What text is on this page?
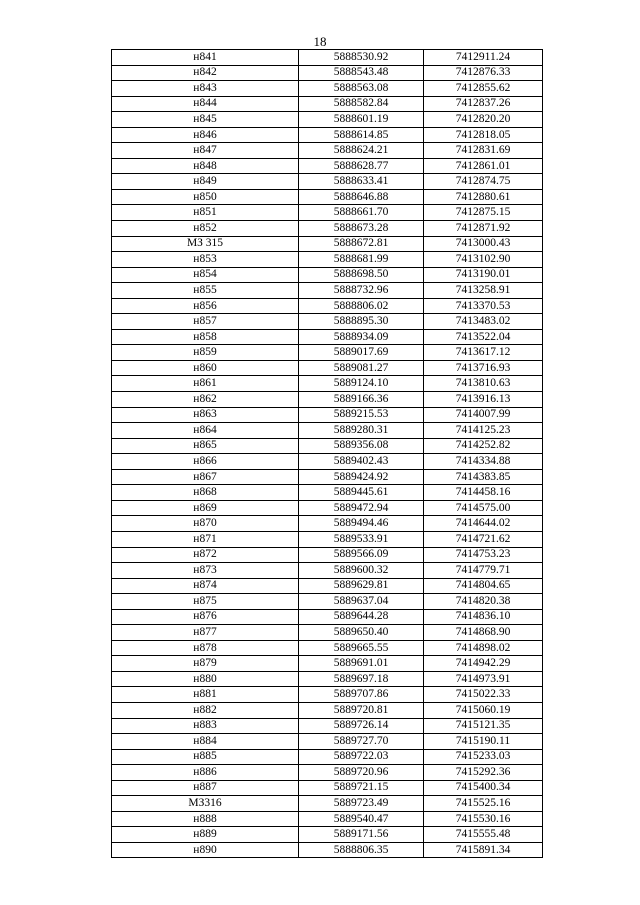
18
н841	5888530.92	7412911.24
н842	5888543.48	7412876.33
н843	5888563.08	7412855.62
н844	5888582.84	7412837.26
н845	5888601.19	7412820.20
н846	5888614.85	7412818.05
н847	5888624.21	7412831.69
н848	5888628.77	7412861.01
н849	5888633.41	7412874.75
н850	5888646.88	7412880.61
н851	5888661.70	7412875.15
н852	5888673.28	7412871.92
МЗ 315	5888672.81	7413000.43
н853	5888681.99	7413102.90
н854	5888698.50	7413190.01
н855	5888732.96	7413258.91
н856	5888806.02	7413370.53
н857	5888895.30	7413483.02
н858	5888934.09	7413522.04
н859	5889017.69	7413617.12
н860	5889081.27	7413716.93
н861	5889124.10	7413810.63
н862	5889166.36	7413916.13
н863	5889215.53	7414007.99
н864	5889280.31	7414125.23
н865	5889356.08	7414252.82
н866	5889402.43	7414334.88
н867	5889424.92	7414383.85
н868	5889445.61	7414458.16
н869	5889472.94	7414575.00
н870	5889494.46	7414644.02
н871	5889533.91	7414721.62
н872	5889566.09	7414753.23
н873	5889600.32	7414779.71
н874	5889629.81	7414804.65
н875	5889637.04	7414820.38
н876	5889644.28	7414836.10
н877	5889650.40	7414868.90
н878	5889665.55	7414898.02
н879	5889691.01	7414942.29
н880	5889697.18	7414973.91
н881	5889707.86	7415022.33
н882	5889720.81	7415060.19
н883	5889726.14	7415121.35
н884	5889727.70	7415190.11
н885	5889722.03	7415233.03
н886	5889720.96	7415292.36
н887	5889721.15	7415400.34
МЗ316	5889723.49	7415525.16
н888	5889540.47	7415530.16
н889	5889171.56	7415555.48
н890	5888806.35	7415891.34
